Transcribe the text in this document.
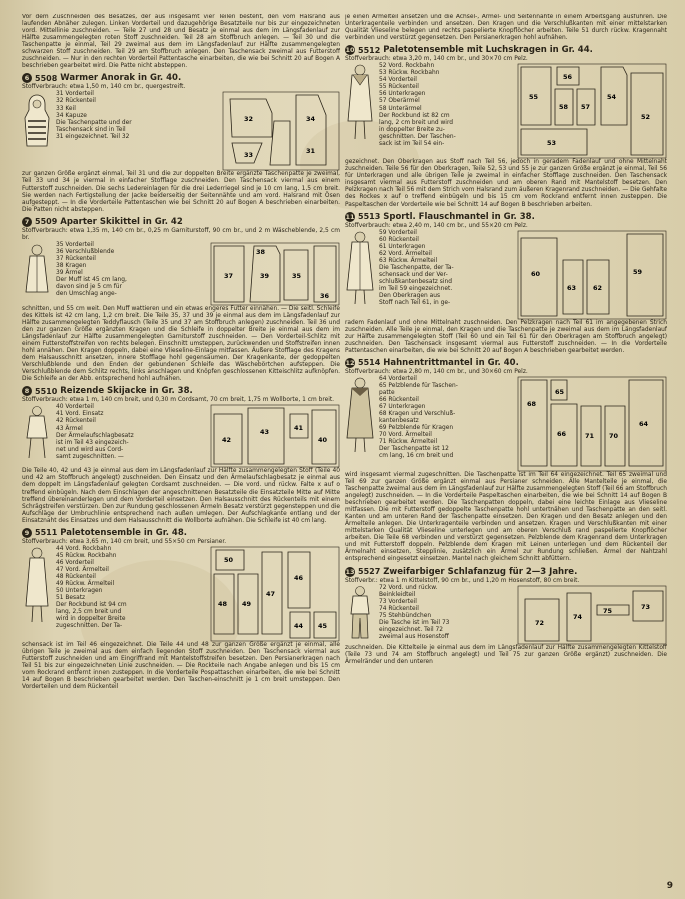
Vor dem Zuschneiden des Besatzes, der aus insgesamt vier Teilen besteht, den vom Halsrand aus laufenden Abnäher zulegen. Linken Vorderteil und dazugehörige Besatzteile nur bis zur eingezeichneten vord. Mittellinie zuschneiden. — Teile 27 und 28 und Besatz je einmal aus dem im Längsfadenlauf zur Hälfte zusammengelegten roten Stoff zuschneiden. Teil 28 am Stoffbruch anlegen. — Teil 30 und die Taschenpatte je einmal, Teil 29 zweimal aus dem im Längsfadenlauf zur Hälfte zusammengelegten schwarzen Stoff zuschneiden. Teil 29 am Stoffbruch anlegen. Den Taschensack zweimal aus Futterstoff zuschneiden. — Nur in den rechten Vorderteil Pattentasche einarbeiten, die wie bei Schnitt 20 auf Bogen A beschrieben gearbeitet wird. Die Patte nicht absteppen.

6 5508 Warmer Anorak in Gr. 40.

Stoffverbrauch: etwa 1,50 m, 140 cm br., quergestreift.

31 Vorderteil
32 Rückenteil
33 Keil
34 Kapuze
Die Taschenpatte und der
Taschensack sind in Teil
31 eingezeichnet. Teil 32
34
32
31
33

zur ganzen Größe ergänzt einmal, Teil 31 und die zur doppelten Breite ergänzte Taschenpatte je zweimal, Teil 33 und 34 je viermal in einfacher Stofflage zuschneiden. Den Taschensack viermal aus einem Futterstoff zuschneiden. Die sechs Ledereinlagen für die drei Lederriegel sind je 10 cm lang, 1,5 cm breit. Sie werden nach Fertigstellung der Jacke beiderseitig der Seitennähte und am vord. Halsrand mit Ösen aufgesteppt. — In die Vorderteile Pattentaschen wie bei Schnitt 20 auf Bogen A beschrieben einarbeiten. Die Patten nicht absteppen.

7 5509 Aparter Skikittel in Gr. 42

Stoffverbrauch: etwa 1,35 m, 140 cm br., 0,25 m Garniturstoff, 90 cm br., und 2 m Wäscheblende, 2,5 cm br.

35 Vorderteil
36 Verschlußblende
37 Rückenteil
38 Kragen
39 Ärmel
Der Muff ist 45 cm lang,
davon sind je 5 cm für
den Umschlag ange-
38
37	39	35
36

schnitten, und 55 cm weit. Den Muff wattieren und ein etwas engeres Futter einnähen. — Die seitl. Schleife des Kittels ist 42 cm lang, 1,2 cm breit. Die Teile 35, 37 und 39 je einmal aus dem im Längsfadenlauf zur Hälfte zusammengelegten Teddyflausch (Teile 35 und 37 am Stoffbruch anlegen) zuschneiden. Teil 36 und den zur ganzen Größe ergänzten Kragen und die Schleife in doppelter Breite je einmal aus dem im Längsfadenlauf zur Hälfte zusammengelegten Garniturstoff zuschneiden. — Den Vorderteil-Schlitz mit einem Futterstoffstreifen von rechts belegen. Einschnitt umsteppen, zurückwenden und Stoffstreifen innen hohl annähen. Den Kragen doppeln, dabei eine Vlieseline-Einlage mitfassen. Äußere Stofflage des Kragens dem Halsausschnitt ansetzen, innere Stofflage hohl gegensäumen. Der Kragenkante, der gedoppelten Verschlußblende und den Enden der gebundenen Schleife das Wäschebörtchen aufsteppen. Die Verschlußblende dem Schlitz rechts, links anschlagen und Knöpfen geschlossenen Kitteischlitz aufknöpfen. Die Schleife an der Abb. entsprechend hohl aufnähen.

8 5510 Reizende Skijacke in Gr. 38.

Stoffverbrauch: etwa 1 m, 140 cm breit, und 0,30 m Cordsamt, 70 cm breit, 1,75 m Wollborte, 1 cm breit.

40 Vorderteil
41 Vord. Einsatz
42 Rückenteil
43 Ärmel
Der Ärmelaufschlagbesatz
ist im Teil 43 eingezeich-
net und wird aus Cord-
samt zugeschnitten. —
42
43	41
40

Die Teile 40, 42 und 43 je einmal aus dem im Längsfadenlauf zur Hälfte zusammengelegten Stoff (Teile 40 und 42 am Stoffbruch angelegt) zuschneiden. Den Einsatz und den Ärmelaufschlagbesatz je einmal aus dem doppelt im Längsfadenlauf gelegten Cordsamt zuschneiden. — Die vord. und rückw. Falte x auf o treffend einbügeln. Nach dem Einschlagen der angeschnittenen Besatzteile die Einsatzteile Mitte auf Mitte treffend übereinanderlegen und dem Vorderteil einsetzen. Den Halsausschnitt des Rückenteils mit einem Schrägstreifen verstürzen. Den zur Rundung geschlossenen Ärmeln Besatz verstürzt gegensteppen und die Aufschläge der Umbruchlinie entsprechend nach außen umlegen. Der Aufschlagkante entlang und der Einsatznaht des Einsatzes und dem Halsausschnitt die Wollborte aufnähen. Die Schleife ist 40 cm lang.

9 5511 Paletotensemble in Gr. 48.

Stoffverbrauch: etwa 3,65 m, 140 cm breit, und 55×50 cm Persianer.

44 Vord. Rockbahn
45 Rückw. Rockbahn
46 Vorderteil
47 Vord. Ärmelteil
48 Rückenteil
49 Rückw. Ärmelteil
50 Unterkragen
51 Besatz
Der Rockbund ist 94 cm
lang, 2,5 cm breit und
wird in doppelter Breite
zugeschnitten. Der Ta-
50
48 49
47
46
44 45

schensack ist im Teil 46 eingezeichnet. Die Teile 44 und 48 zur ganzen Größe ergänzt je einmal, alle übrigen Teile je zweimal aus dem einfach liegenden Stoff zuschneiden. Den Taschensack viermal aus Futterstoff zuschneiden und am Eingriffrand mit Mantelstoffstreifen besetzen. Den Persianerkragen nach Teil 51 bis zur eingezeichneten Linie zuschneiden. — Die Rockteile nach Angabe anlegen und bis 15 cm vom Rockrand entfernt innen zusteppen. In die Vorderteile Pospattaschen einarbeiten, die wie bei Schnitt 14 auf Bogen B beschrieben gearbeitet werden. Den Taschen-einschnitt je 1 cm breit umsteppen. Den Vorderteilen und dem Rückenteil

je einen Ärmelteil ansetzen und die Achsel-, Ärmel- und Seitennähte in einem Arbeitsgang ausführen. Die Unterkragenteile verbinden und ansetzen. Den Kragen und die Verschlußkanten mit einer mittelstarken Qualität Vlieseline belegen und rechts paspelierte Knopflöcher arbeiten. Teile 51 durch rückw. Kragennaht verbinden und verstürzt gegensetzen. Den Persianerkragen hohl aufnähen.

10 5512 Paletotensemble mit Luchskragen in Gr. 44.

Stoffverbrauch: etwa 3,20 m, 140 cm br., und 30×70 cm Pelz.

52 Vord. Rockbahn
53 Rückw. Rockbahn
54 Vorderteil
55 Rückenteil
56 Unterkragen
57 Oberärmel
58 Unterärmel
Der Rockbund ist 82 cm
lang, 2 cm breit und wird
in doppelter Breite zu-
geschnitten. Der Taschen-
sack ist im Teil 54 ein-
56
55
58 57
54
53
52

gezeichnet. Den Oberkragen aus Stoff nach Teil 56, jedoch in geradem Fadenlauf und ohne Mittelnaht zuschneiden. Teile 56 für den Oberkragen, Teile 52, 53 und 55 je zur ganzen Größe ergänzt je einmal, Teil 56 für Unterkragen und alle übrigen Teile je zweimal in einfacher Stofflage zuschneiden. Den Taschensack insgesamt viermal aus Futterstoff zuschneiden und am oberen Rand mit Mantelstoff besetzen. Den Pelzkragen nach Teil 56 mit dem Strich vom Halsrand zum äußeren Kragenrand zuschneiden. — Die Gehfalte des Rockes x auf o treffend einbügeln und bis 15 cm vom Rockrand entfernt innen zusteppen. Die Paspeltaschen der Vorderteile wie bei Schnitt 14 auf Bogen B beschrieben arbeiten.

11 5513 Sportl. Flauschmantel in Gr. 38.

Stoffverbrauch: etwa 2,40 m, 140 cm br., und 55×20 cm Pelz.

59 Vorderteil
60 Rückenteil
61 Unterkragen
62 Vord. Ärmelteil
63 Rückw. Ärmelteil
Die Taschenpatte, der Ta-
schensack und der Ver-
schlußkantenbesatz sind
im Teil 59 eingezeichnet.
Den Oberkragen aus
Stoff nach Teil 61, in ge-
59
60
63	62

radem Fadenlauf und ohne Mittelnaht zuschneiden. Den Pelzkragen nach Teil 61 im angegebenen Strich zuschneiden. Alle Teile je einmal, den Kragen und die Taschenpatte je zweimal aus dem im Längsfadenlauf zur Hälfte zusammengelegten Stoff (Teil 60 und ein Teil 61 für den Oberkragen am Stoffbruch angelegt) zuschneiden. Den Taschensack insgesamt viermal aus Futterstoff zuschneiden. — In die Vorderteile Pattentaschen einarbeiten, die wie bei Schnitt 20 auf Bogen A beschrieben gearbeitet werden.

12 5514 Hahnentrittmantel in Gr. 40.

Stoffverbrauch: etwa 2,80 m, 140 cm br., und 30×60 cm Pelz.

64 Vorderteil
65 Pelzblende für Taschen-
patte
66 Rückenteil
67 Unterkragen
68 Kragen und Verschluß-
kantenbesatz
69 Pelzblende für Kragen
70 Vord. Ärmelteil
71 Rückw. Ärmelteil
Der Taschenpatte ist 12
cm lang, 16 cm breit und
68
65
66	71 70
64

wird insgesamt viermal zugeschnitten. Die Taschenpatte ist im Teil 64 eingezeichnet. Teil 65 zweimal und Teil 69 zur ganzen Größe ergänzt einmal aus Persianer schneiden. Alle Mantelteile je einmal, die Taschenpatte zweimal aus dem im Längsfadenlauf zur Hälfte zusammengelegten Stoff (Teil 66 am Stoffbruch angelegt) zuschneiden. — In die Vorderteile Paspeltaschen einarbeiten, die wie bei Schnitt 14 auf Bogen B beschrieben gearbeitet werden. Die Taschenpatten doppeln, dabei eine leichte Einlage aus Vlieseline mitfassen. Die mit Futterstoff gedoppelte Taschenpatte hohl untertnähen und Taschenpatte an den seitl. Kanten und am unteren Rand der Taschenpatte einsetzen. Den Kragen und den Besatz anlegen und den Ärmelteile anlegen. Die Unterkragenteile verbinden und ansetzen. Kragen und Verschlußkanten mit einer mittelstarken Qualität Vlieseline unterlegen und am oberen Verschluß rand paspelierte Knopflöcher arbeiten. Die Teile 68 verbinden und verstürzt gegensetzen. Pelzblende dem Kragenrand dem Unterkragen und mit Futterstoff doppeln. Pelzblende dem Kragen mit Leinen unterlegen und dem Rückenteil der Ärmelnaht einsetzen, Stepplinie, zusätzlich ein Ärmel zur Rundung schließen. Ärmel der Nahtzahl entsprechend eingesetzt einsetzen. Mantel nach gleichem Schnitt abfüttern.

13 5527 Zweifarbiger Schlafanzug für 2—3 Jahre.

Stoffverbr.: etwa 1 m Kittelstoff, 90 cm br., und 1,20 m Hosenstoff, 80 cm breit.

72 Vord. und rückw.
Beinkleidteil
73 Vorderteil
74 Rückenteil
75 Stehbündchen
Die Tasche ist im Teil 73
eingezeichnet. Teil 72
zweimal aus Hosenstoff
72
74
75	73

zuschneiden. Die Kittelteile je einmal aus dem im Längsfadenlauf zur Hälfte zusammengelegten Kittelstoff (Teile 73 und 74 am Stoffbruch angelegt) und Teil 75 zur ganzen Größe ergänzt) zuschneiden. Die Ärmelränder und den unteren

9
